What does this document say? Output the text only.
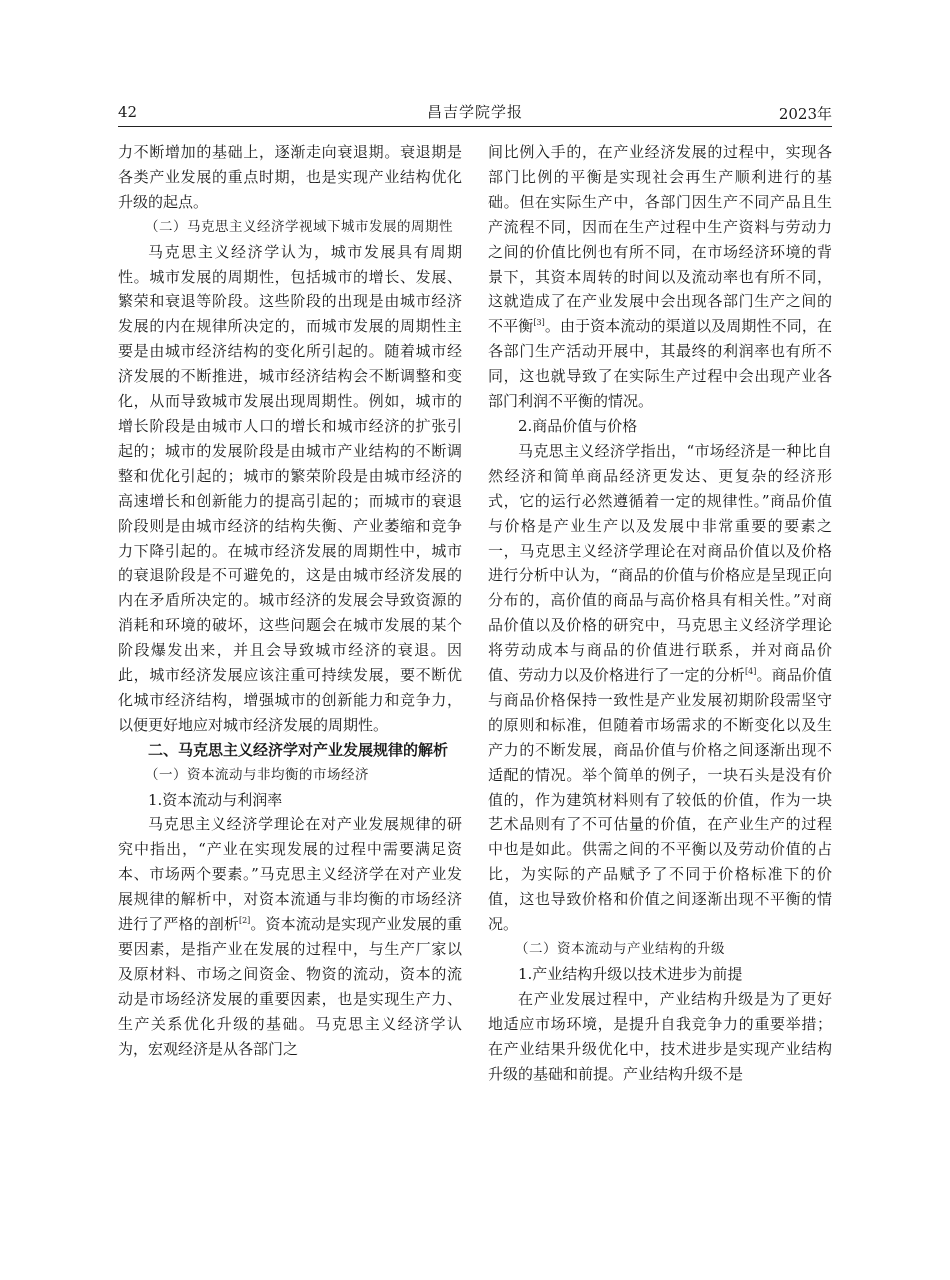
42	昌吉学院学报	2023年

力不断增加的基础上，逐渐走向衰退期。衰退期是各类产业发展的重点时期，也是实现产业结构优化升级的起点。

（二）马克思主义经济学视域下城市发展的周期性

马克思主义经济学认为，城市发展具有周期性。城市发展的周期性，包括城市的增长、发展、繁荣和衰退等阶段。这些阶段的出现是由城市经济发展的内在规律所决定的，而城市发展的周期性主要是由城市经济结构的变化所引起的。随着城市经济发展的不断推进，城市经济结构会不断调整和变化，从而导致城市发展出现周期性。例如，城市的增长阶段是由城市人口的增长和城市经济的扩张引起的；城市的发展阶段是由城市产业结构的不断调整和优化引起的；城市的繁荣阶段是由城市经济的高速增长和创新能力的提高引起的；而城市的衰退阶段则是由城市经济的结构失衡、产业萎缩和竞争力下降引起的。在城市经济发展的周期性中，城市的衰退阶段是不可避免的，这是由城市经济发展的内在矛盾所决定的。城市经济的发展会导致资源的消耗和环境的破坏，这些问题会在城市发展的某个阶段爆发出来，并且会导致城市经济的衰退。因此，城市经济发展应该注重可持续发展，要不断优化城市经济结构，增强城市的创新能力和竞争力，以便更好地应对城市经济发展的周期性。

二、马克思主义经济学对产业发展规律的解析

（一）资本流动与非均衡的市场经济

1.资本流动与利润率

马克思主义经济学理论在对产业发展规律的研究中指出，“产业在实现发展的过程中需要满足资本、市场两个要素。”马克思主义经济学在对产业发展规律的解析中，对资本流通与非均衡的市场经济进行了严格的剖析[2]。资本流动是实现产业发展的重要因素，是指产业在发展的过程中，与生产厂家以及原材料、市场之间资金、物资的流动，资本的流动是市场经济发展的重要因素，也是实现生产力、生产关系优化升级的基础。马克思主义经济学认为，宏观经济是从各部门之

间比例入手的，在产业经济发展的过程中，实现各部门比例的平衡是实现社会再生产顺利进行的基础。但在实际生产中，各部门因生产不同产品且生产流程不同，因而在生产过程中生产资料与劳动力之间的价值比例也有所不同，在市场经济环境的背景下，其资本周转的时间以及流动率也有所不同，这就造成了在产业发展中会出现各部门生产之间的不平衡[3]。由于资本流动的渠道以及周期性不同，在各部门生产活动开展中，其最终的利润率也有所不同，这也就导致了在实际生产过程中会出现产业各部门利润不平衡的情况。

2.商品价值与价格

马克思主义经济学指出，“市场经济是一种比自然经济和简单商品经济更发达、更复杂的经济形式，它的运行必然遵循着一定的规律性。”商品价值与价格是产业生产以及发展中非常重要的要素之一，马克思主义经济学理论在对商品价值以及价格进行分析中认为，“商品的价值与价格应是呈现正向分布的，高价值的商品与高价格具有相关性。”对商品价值以及价格的研究中，马克思主义经济学理论将劳动成本与商品的价值进行联系，并对商品价值、劳动力以及价格进行了一定的分析[4]。商品价值与商品价格保持一致性是产业发展初期阶段需坚守的原则和标准，但随着市场需求的不断变化以及生产力的不断发展，商品价值与价格之间逐渐出现不适配的情况。举个简单的例子，一块石头是没有价值的，作为建筑材料则有了较低的价值，作为一块艺术品则有了不可估量的价值，在产业生产的过程中也是如此。供需之间的不平衡以及劳动价值的占比，为实际的产品赋予了不同于价格标准下的价值，这也导致价格和价值之间逐渐出现不平衡的情况。

（二）资本流动与产业结构的升级

1.产业结构升级以技术进步为前提

在产业发展过程中，产业结构升级是为了更好地适应市场环境，是提升自我竞争力的重要举措；在产业结果升级优化中，技术进步是实现产业结构升级的基础和前提。产业结构升级不是
